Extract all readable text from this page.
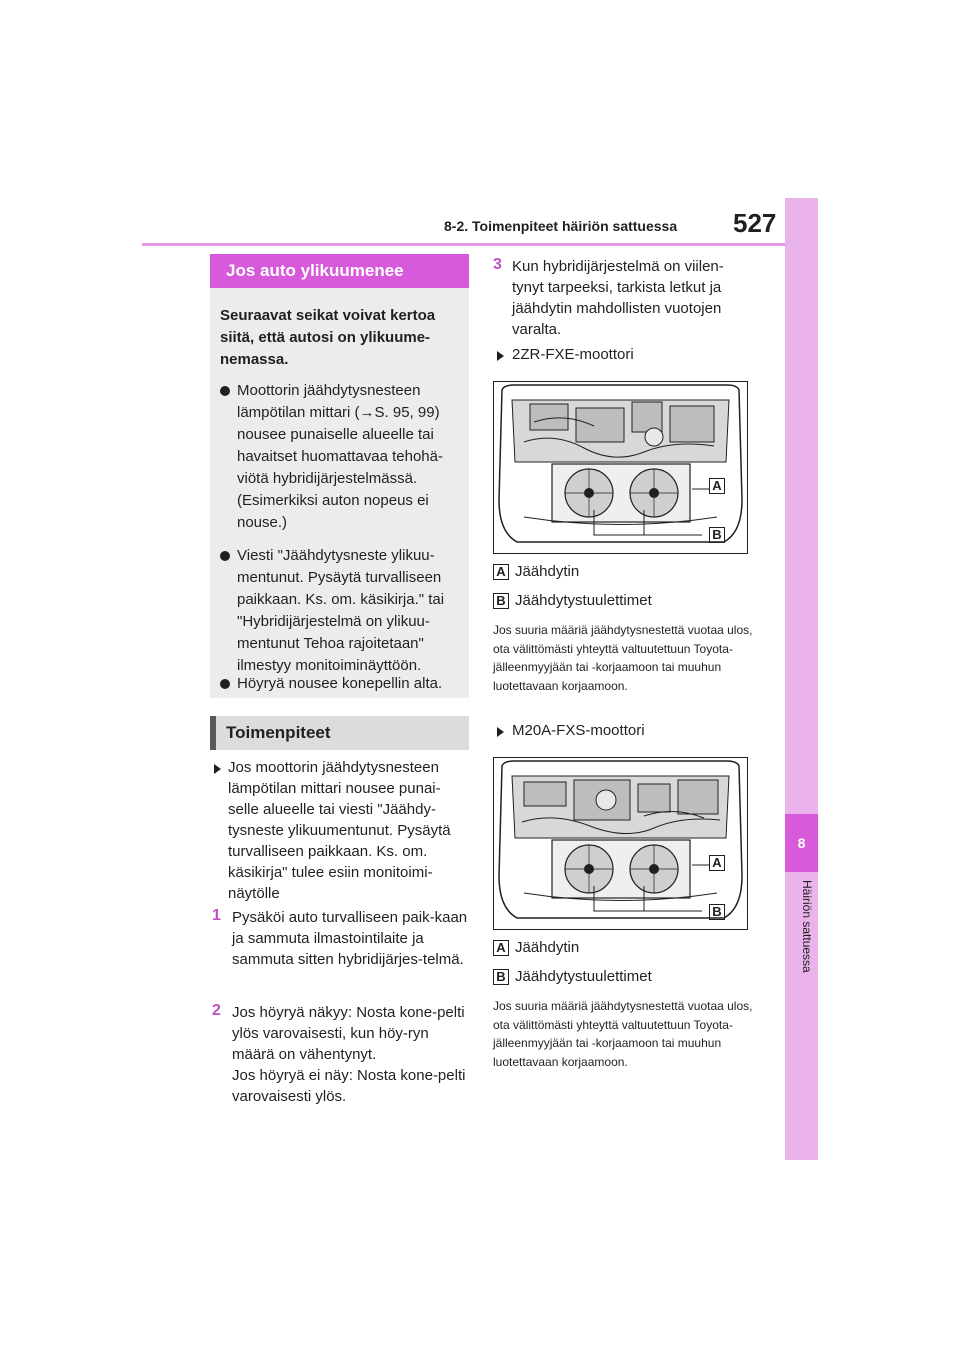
8-2. Toimenpiteet häiriön sattuessa 527
8
Häiriön sattuessa
Jos auto ylikuumenee
Seuraavat seikat voivat kertoa siitä, että autosi on ylikuume-nemassa.
Moottorin jäähdytysnesteen lämpötilan mittari (→S. 95, 99) nousee punaiselle alueelle tai havaitset huomattavaa tehohä-viötä hybridijärjestelmässä. (Esimerkiksi auton nopeus ei nouse.)
Viesti "Jäähdytysneste ylikuu-mentunut. Pysäytä turvalliseen paikkaan. Ks. om. käsikirja." tai "Hybridijärjestelmä on ylikuu-mentunut Tehoa rajoitetaan" ilmestyy monitoiminäyttöön.
Höyryä nousee konepellin alta.
Toimenpiteet
Jos moottorin jäähdytysnesteen lämpötilan mittari nousee punai-selle alueelle tai viesti "Jäähdy-tysneste ylikuumentunut. Pysäytä turvalliseen paikkaan. Ks. om. käsikirja" tulee esiin monitoimi-näytölle
1 Pysäköi auto turvalliseen paik-kaan ja sammuta ilmastointilaite ja sammuta sitten hybridijärjes-telmä.
2 Jos höyryä näkyy: Nosta kone-pelti ylös varovaisesti, kun höy-ryn määrä on vähentynyt.
Jos höyryä ei näy: Nosta kone-pelti varovaisesti ylös.
3 Kun hybridijärjestelmä on viilen-tynyt tarpeeksi, tarkista letkut ja jäähdytin mahdollisten vuotojen varalta.
2ZR-FXE-moottori
A
B
A Jäähdytin
B Jäähdytystuulettimet
Jos suuria määriä jäähdytysnestettä vuotaa ulos, ota välittömästi yhteyttä valtuutettuun Toyota-jälleenmyyjään tai -korjaamoon tai muuhun luotettavaan korjaamoon.
M20A-FXS-moottori
A
B
A Jäähdytin
B Jäähdytystuulettimet
Jos suuria määriä jäähdytysnestettä vuotaa ulos, ota välittömästi yhteyttä valtuutettuun Toyota-jälleenmyyjään tai -korjaamoon tai muuhun luotettavaan korjaamoon.
